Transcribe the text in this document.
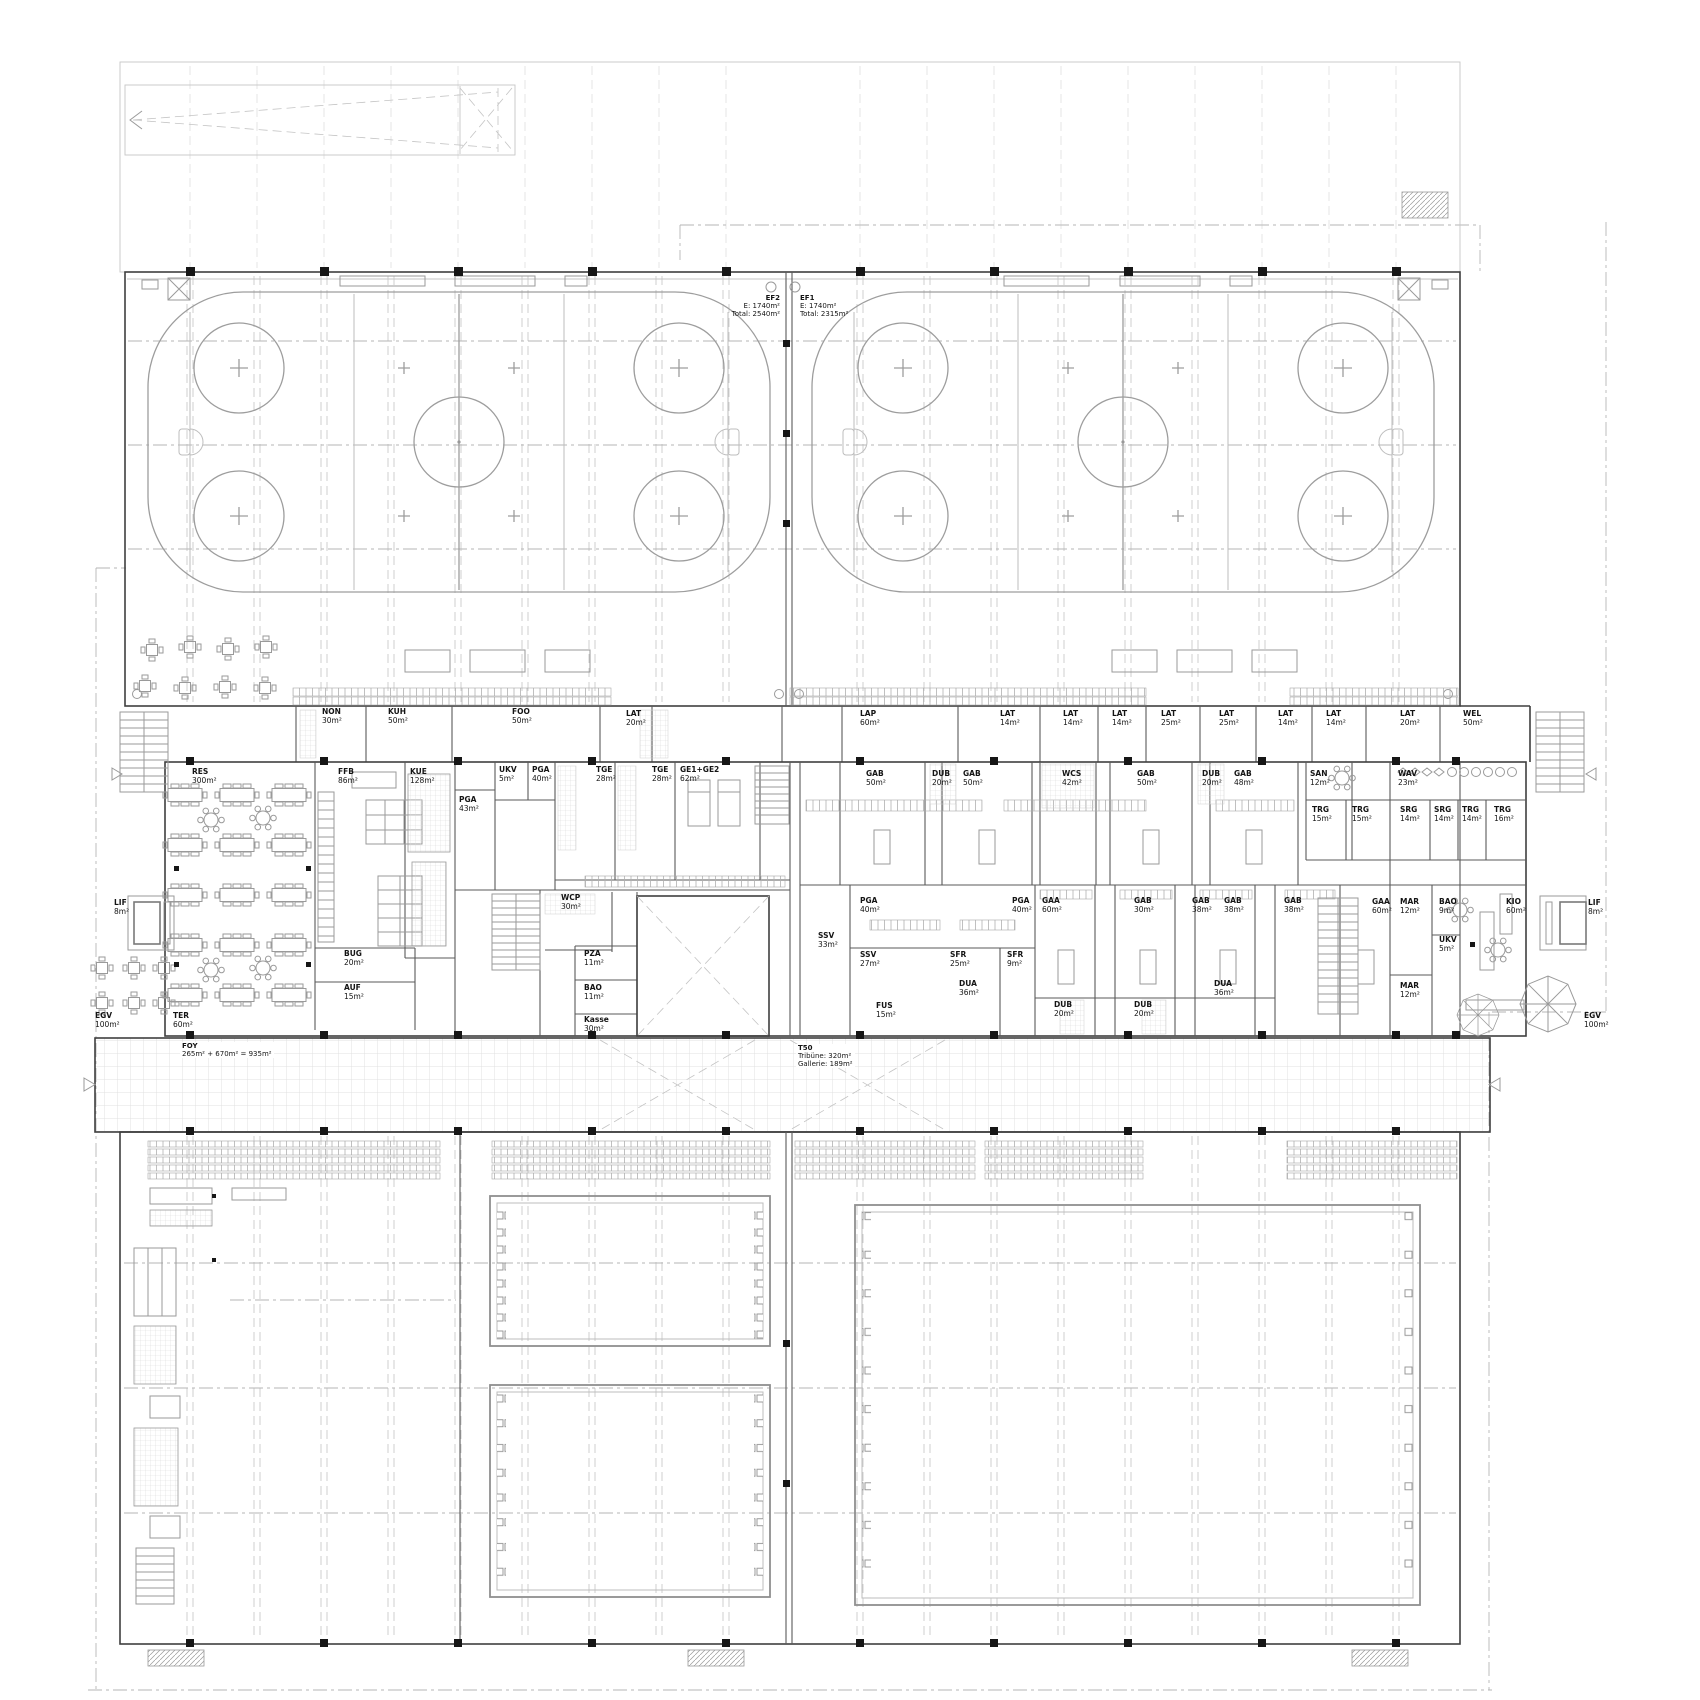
EF2
E: 1740m²
Total: 2540m²
EF1
E: 1740m²
Total: 2315m²
FOY
265m² + 670m² = 935m²
T50
Tribüne: 320m²
Gallerie: 189m²
NON
30m²
KUH
50m²
FOO
50m²
LAT
20m²
LAP
60m²
LAT
14m²
LAT
14m²
LAT
14m²
LAT
25m²
LAT
25m²
LAT
14m²
LAT
14m²
LAT
20m²
WEL
50m²
RES
300m²
FFB
86m²
KUE
128m²
UKV
5m²
PGA
40m²
TGE
28m²
TGE
28m²
GE1+GE2
62m²	GAB
50m²
DUB
20m²
GAB
50m²
WCS
42m²
GAB
50m²
DUB
20m²
GAB
48m²
SAN
12m²
WAV
23m²
TRG
15m²
TRG
15m²
SRG
14m²
SRG
14m²
TRG
14m²
TRG
16m²
PGA
43m²
WCP
30m²
PZA
11m²
BAO
11m²
Kasse
30m²
SSV
33m²
PGA
40m²
PGA
40m²
GAA
60m²
SSV
27m²
SFR
25m²
SFR
9m²
GAB
30m²
GAB
38m²
GAB
38m²
GAB
38m²
DUA
36m²
FUS
15m²
DUB
20m²
DUB
20m²
DUA
36m²
GAA
60m²
MAR
12m²
BAO
9m²
UKV
5m²
MAR
12m²
KIO
60m²
LIF
8m²
LIF
8m²
BUG
20m²
AUF
15m²
EGV
100m²
TER
60m²
EGV
100m²
